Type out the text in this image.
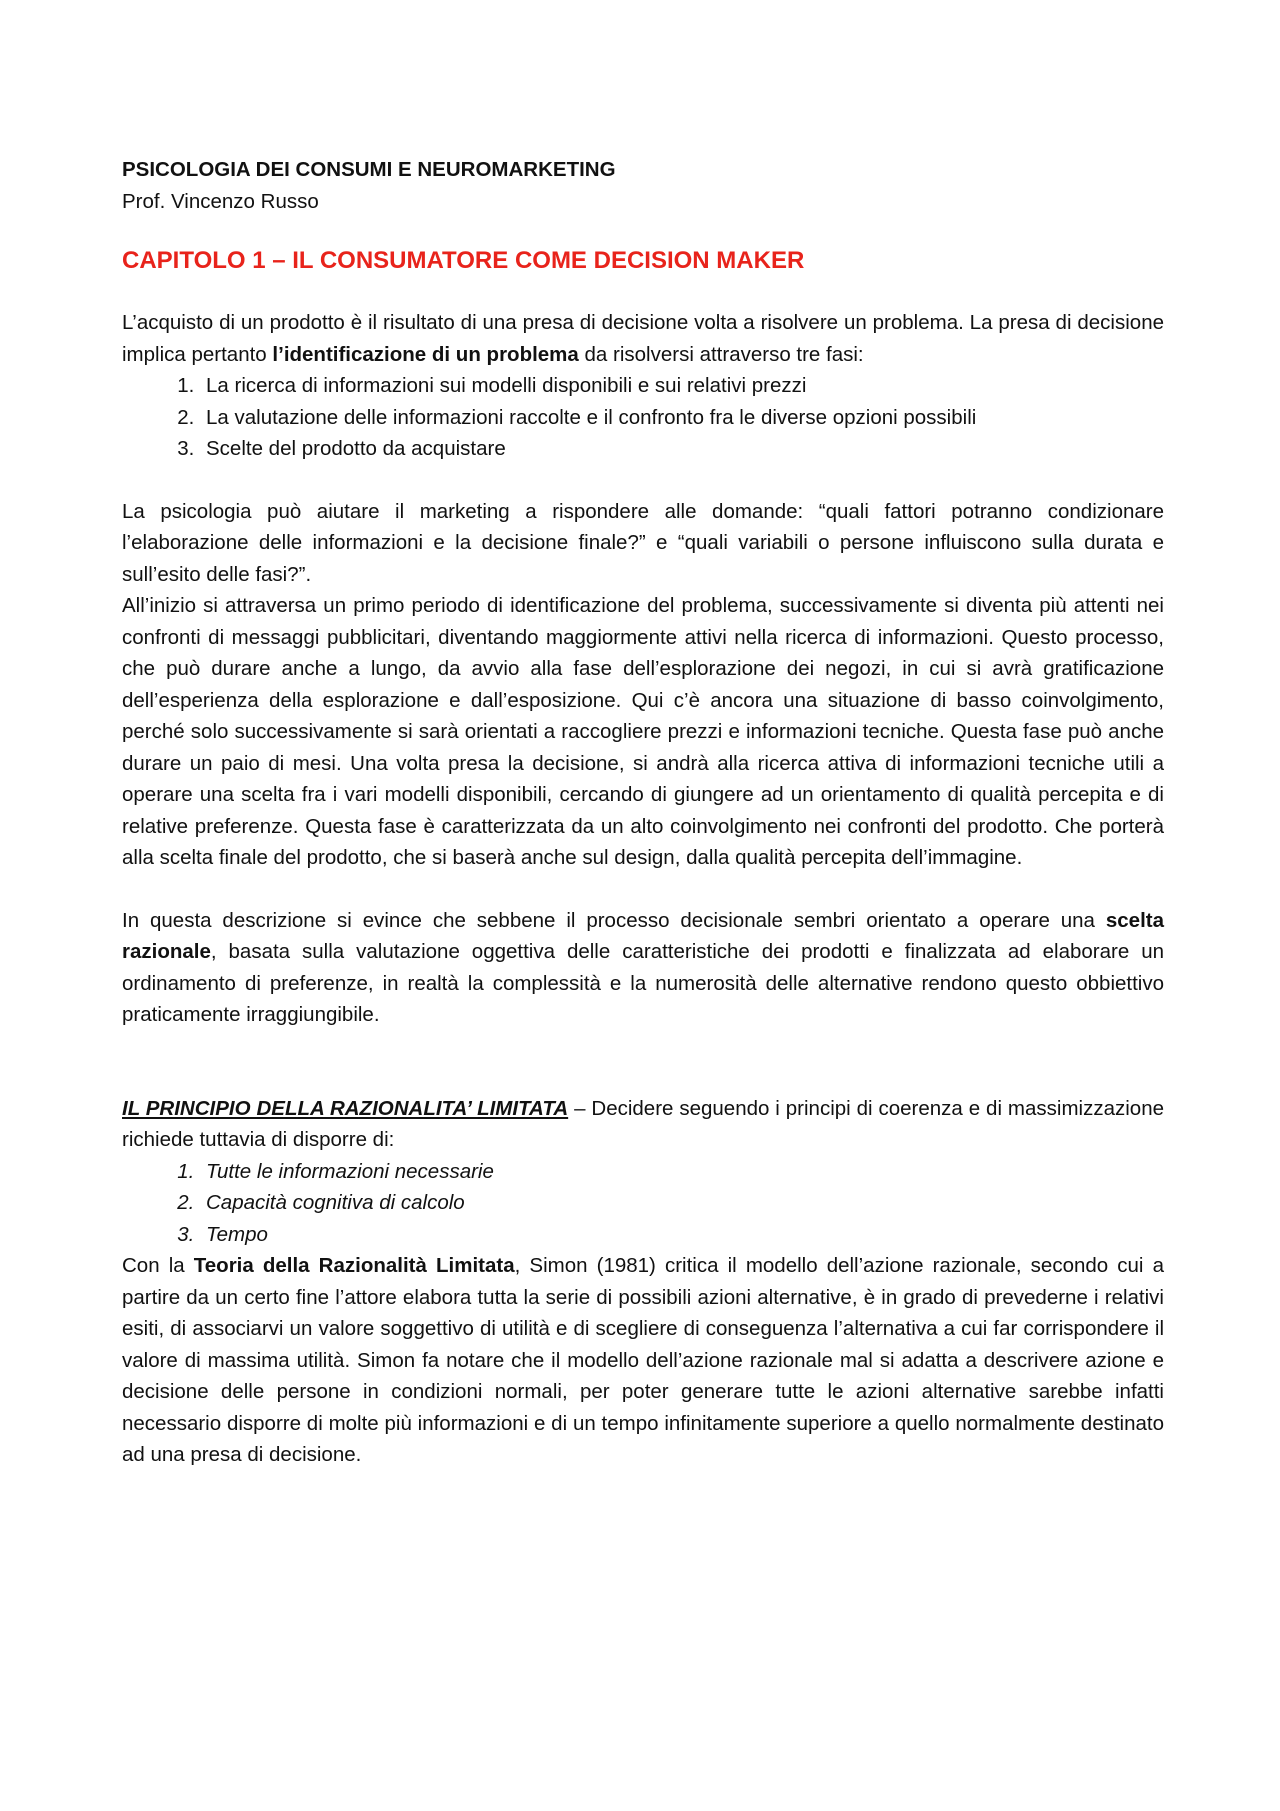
PSICOLOGIA DEI CONSUMI E NEUROMARKETING

Prof. Vincenzo Russo

CAPITOLO 1 – IL CONSUMATORE COME DECISION MAKER

L’acquisto di un prodotto è il risultato di una presa di decisione volta a risolvere un problema. La presa di decisione implica pertanto l’identificazione di un problema da risolversi attraverso tre fasi:

1. La ricerca di informazioni sui modelli disponibili e sui relativi prezzi
2. La valutazione delle informazioni raccolte e il confronto fra le diverse opzioni possibili
3. Scelte del prodotto da acquistare

La psicologia può aiutare il marketing a rispondere alle domande: “quali fattori potranno condizionare l’elaborazione delle informazioni e la decisione finale?” e “quali variabili o persone influiscono sulla durata e sull’esito delle fasi?”.

All’inizio si attraversa un primo periodo di identificazione del problema, successivamente si diventa più attenti nei confronti di messaggi pubblicitari, diventando maggiormente attivi nella ricerca di informazioni. Questo processo, che può durare anche a lungo, da avvio alla fase dell’esplorazione dei negozi, in cui si avrà gratificazione dell’esperienza della esplorazione e dall’esposizione. Qui c’è ancora una situazione di basso coinvolgimento, perché solo successivamente si sarà orientati a raccogliere prezzi e informazioni tecniche. Questa fase può anche durare un paio di mesi. Una volta presa la decisione, si andrà alla ricerca attiva di informazioni tecniche utili a operare una scelta fra i vari modelli disponibili, cercando di giungere ad un orientamento di qualità percepita e di relative preferenze. Questa fase è caratterizzata da un alto coinvolgimento nei confronti del prodotto. Che porterà alla scelta finale del prodotto, che si baserà anche sul design, dalla qualità percepita dell’immagine.

In questa descrizione si evince che sebbene il processo decisionale sembri orientato a operare una scelta razionale, basata sulla valutazione oggettiva delle caratteristiche dei prodotti e finalizzata ad elaborare un ordinamento di preferenze, in realtà la complessità e la numerosità delle alternative rendono questo obbiettivo praticamente irraggiungibile.

IL PRINCIPIO DELLA RAZIONALITA’ LIMITATA – Decidere seguendo i principi di coerenza e di massimizzazione richiede tuttavia di disporre di:

1. Tutte le informazioni necessarie
2. Capacità cognitiva di calcolo
3. Tempo

Con la Teoria della Razionalità Limitata, Simon (1981) critica il modello dell’azione razionale, secondo cui a partire da un certo fine l’attore elabora tutta la serie di possibili azioni alternative, è in grado di prevederne i relativi esiti, di associarvi un valore soggettivo di utilità e di scegliere di conseguenza l’alternativa a cui far corrispondere il valore di massima utilità. Simon fa notare che il modello dell’azione razionale mal si adatta a descrivere azione e decisione delle persone in condizioni normali, per poter generare tutte le azioni alternative sarebbe infatti necessario disporre di molte più informazioni e di un tempo infinitamente superiore a quello normalmente destinato ad una presa di decisione.
